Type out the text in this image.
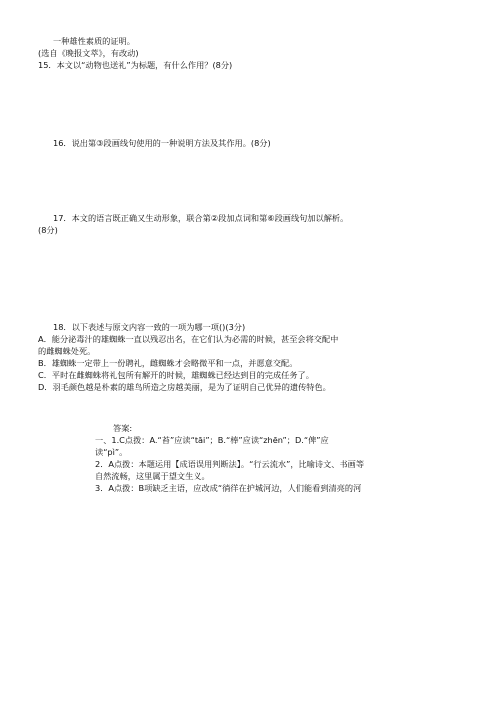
一种雄性素质的证明。
(选自《晚报文萃》，有改动)
15．本文以“动物也送礼”为标题，有什么作用？(8分)
16．说出第③段画线句使用的一种说明方法及其作用。(8分)
17．本文的语言既正确又生动形象，联合第②段加点词和第⑥段画线句加以解析。
(8分)
18．以下表述与原文内容一致的一项为哪一项()(3分)
A．能分泌毒汁的雄蜘蛛一直以残忍出名，在它们认为必需的时候，甚至会将交配中
的雌蜘蛛处死。
B．雄蜘蛛一定带上一份聘礼，雌蜘蛛才会略微平和一点，并愿意交配。
C．平时在雌蜘蛛将礼包所有解开的时候，雄蜘蛛已经达到目的完成任务了。
D．羽毛颜色越是朴素的雄鸟所造之房越美丽，是为了证明自己优异的遗传特色。
答案:
一、1.C点拨：A.“苔”应读“tāi”；B.“棒”应读“zhēn”；D.“俾”应
读“pì”。
2．A点拨：本题运用【成语误用判断法】。“行云流水”，比喻诗文、书画等
自然流畅，这里属于望文生义。
3．A点拨：B项缺乏主语，应改成“徜徉在护城河边，人们能看到清亮的河
